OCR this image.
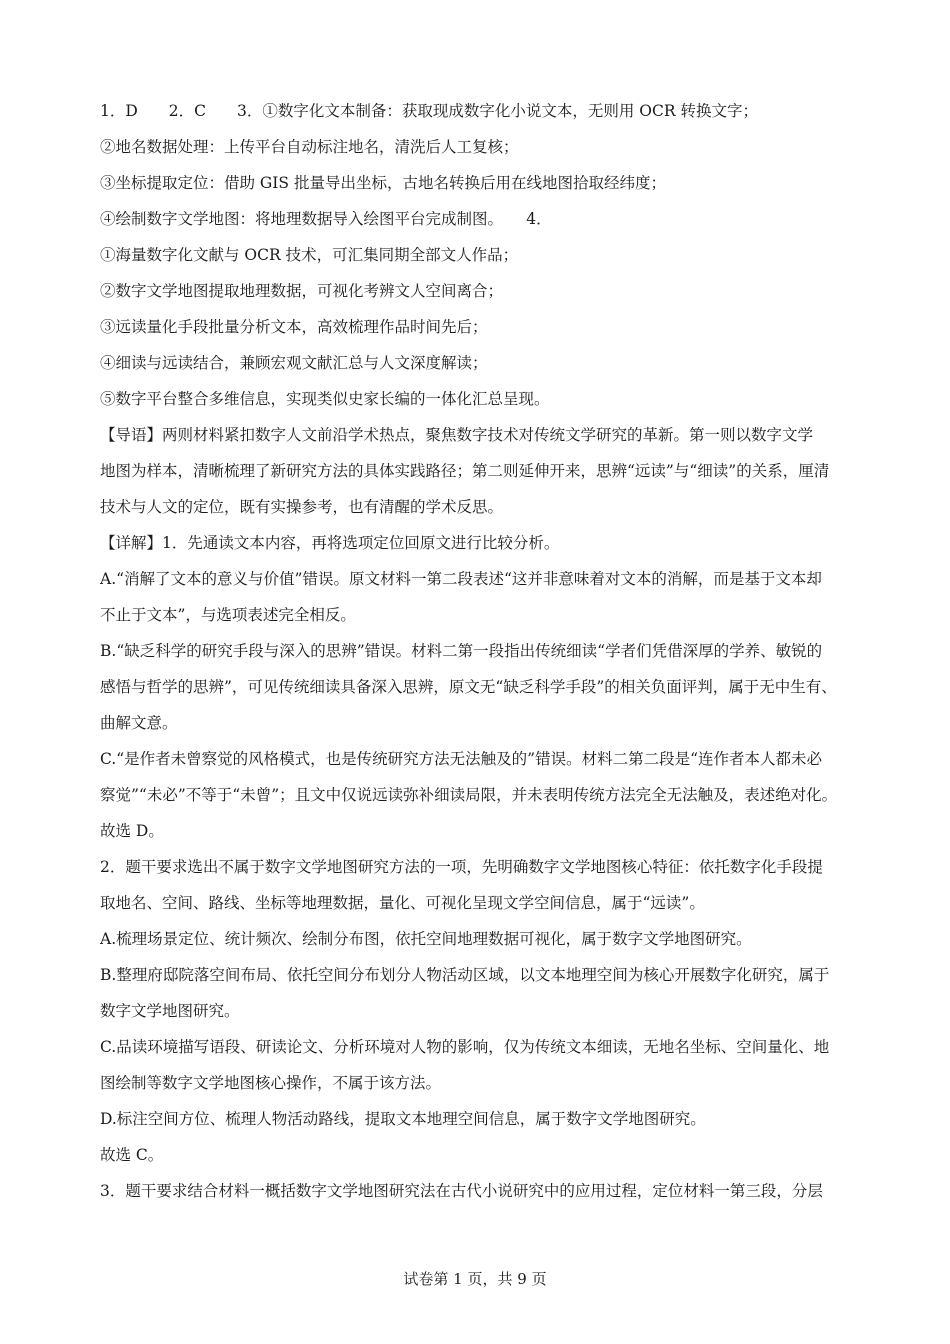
1．D　　2．C　　3．①数字化文本制备：获取现成数字化小说文本，无则用 OCR 转换文字；
②地名数据处理：上传平台自动标注地名，清洗后人工复核；
③坐标提取定位：借助 GIS 批量导出坐标，古地名转换后用在线地图拾取经纬度；
④绘制数字文学地图：将地理数据导入绘图平台完成制图。　　4．
①海量数字化文献与 OCR 技术，可汇集同期全部文人作品；
②数字文学地图提取地理数据，可视化考辨文人空间离合；
③远读量化手段批量分析文本，高效梳理作品时间先后；
④细读与远读结合，兼顾宏观文献汇总与人文深度解读；
⑤数字平台整合多维信息，实现类似史家长编的一体化汇总呈现。
【导语】两则材料紧扣数字人文前沿学术热点，聚焦数字技术对传统文学研究的革新。第一则以数字文学
地图为样本，清晰梳理了新研究方法的具体实践路径；第二则延伸开来，思辨“远读”与“细读”的关系，厘清
技术与人文的定位，既有实操参考，也有清醒的学术反思。
【详解】1．先通读文本内容，再将选项定位回原文进行比较分析。
A.“消解了文本的意义与价值”错误。原文材料一第二段表述“这并非意味着对文本的消解，而是基于文本却
不止于文本”，与选项表述完全相反。
B.“缺乏科学的研究手段与深入的思辨”错误。材料二第一段指出传统细读“学者们凭借深厚的学养、敏锐的
感悟与哲学的思辨”，可见传统细读具备深入思辨，原文无“缺乏科学手段”的相关负面评判，属于无中生有、
曲解文意。
C.“是作者未曾察觉的风格模式，也是传统研究方法无法触及的”错误。材料二第二段是“连作者本人都未必
察觉”“未必”不等于“未曾”；且文中仅说远读弥补细读局限，并未表明传统方法完全无法触及，表述绝对化。
故选 D。
2．题干要求选出不属于数字文学地图研究方法的一项，先明确数字文学地图核心特征：依托数字化手段提
取地名、空间、路线、坐标等地理数据，量化、可视化呈现文学空间信息，属于“远读”。
A.梳理场景定位、统计频次、绘制分布图，依托空间地理数据可视化，属于数字文学地图研究。
B.整理府邸院落空间布局、依托空间分布划分人物活动区域，以文本地理空间为核心开展数字化研究，属于
数字文学地图研究。
C.品读环境描写语段、研读论文、分析环境对人物的影响，仅为传统文本细读，无地名坐标、空间量化、地
图绘制等数字文学地图核心操作，不属于该方法。
D.标注空间方位、梳理人物活动路线，提取文本地理空间信息，属于数字文学地图研究。
故选 C。
3．题干要求结合材料一概括数字文学地图研究法在古代小说研究中的应用过程，定位材料一第三段，分层
试卷第 1 页，共 9 页
